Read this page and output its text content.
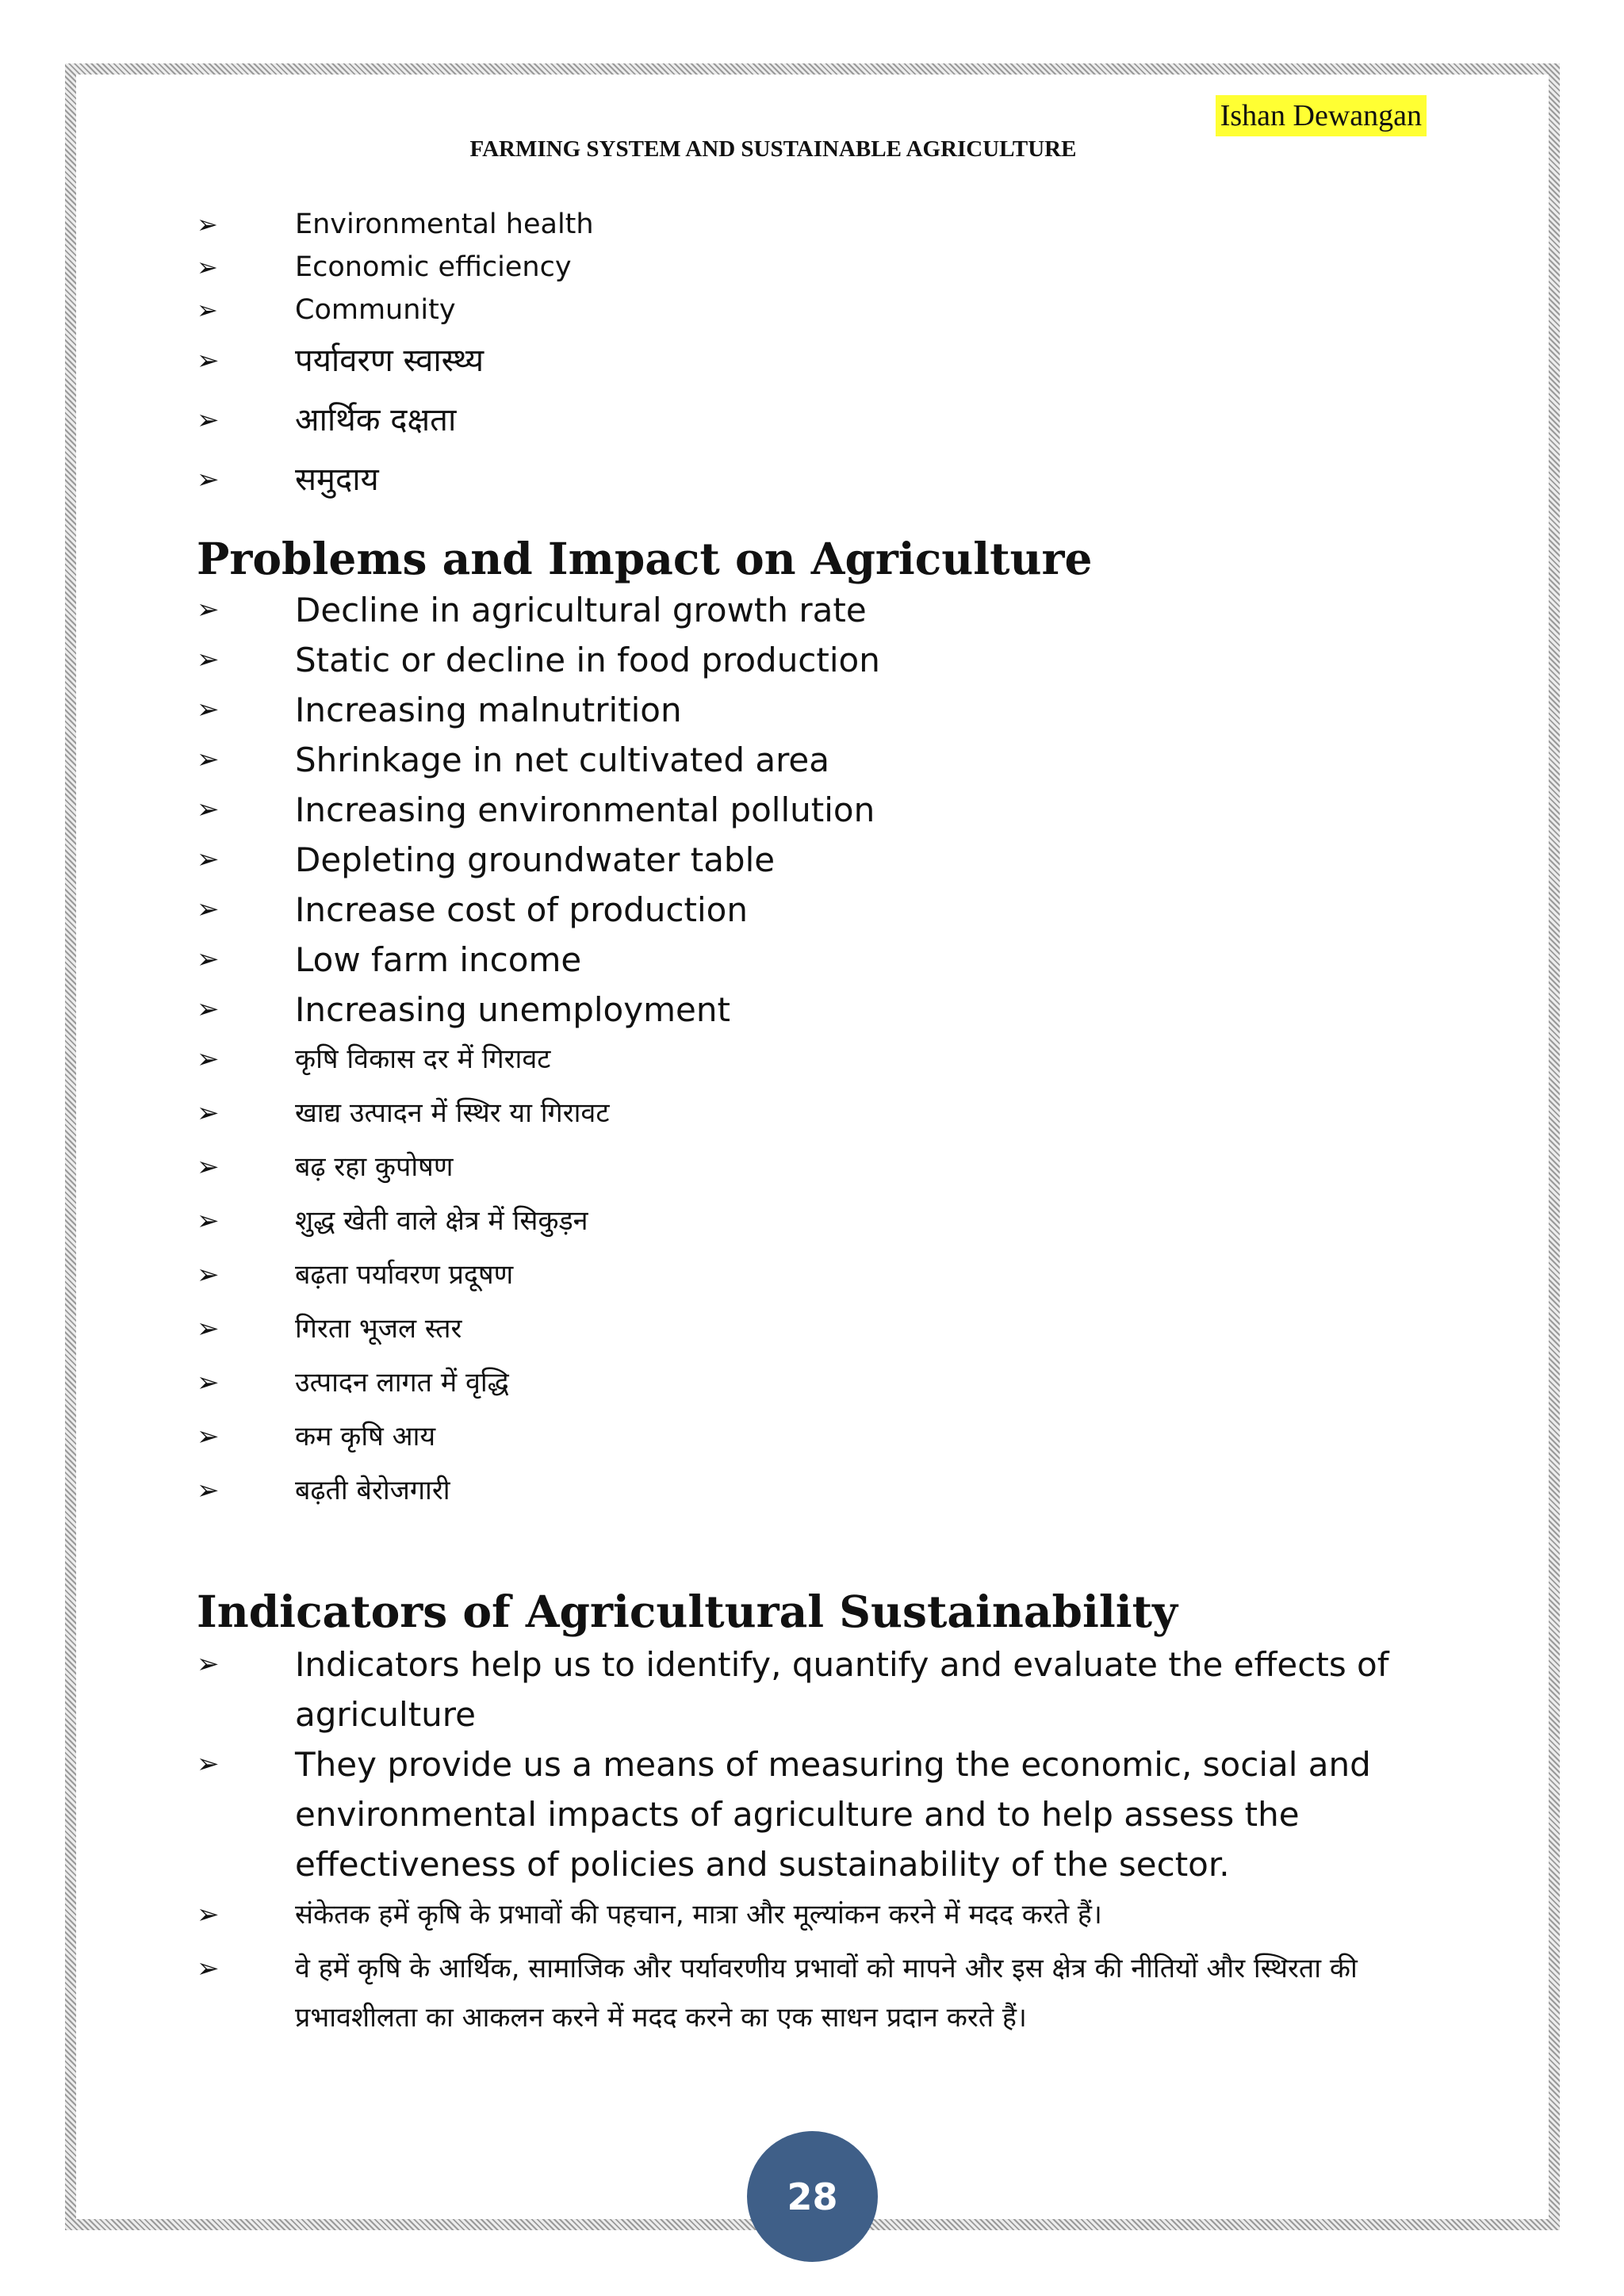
Ishan Dewangan
FARMING SYSTEM AND SUSTAINABLE AGRICULTURE
➢	Environmental health
➢	Economic efficiency
➢	Community
➢ पर्यावरण स्वास्थ्य
➢ आर्थिक दक्षता
➢ समुदाय
Problems and Impact on Agriculture
➢ Decline in agricultural growth rate
➢ Static or decline in food production
➢ Increasing malnutrition
➢ Shrinkage in net cultivated area
➢ Increasing environmental pollution
➢ Depleting groundwater table
➢ Increase cost of production
➢ Low farm income
➢ Increasing unemployment
➢	कृषि विकास दर में गिरावट
➢	खाद्य उत्पादन में स्थिर या गिरावट
➢	बढ़ रहा कुपोषण
➢	शुद्ध खेती वाले क्षेत्र में सिकुड़न
➢	बढ़ता पर्यावरण प्रदूषण
➢	गिरता भूजल स्तर
➢	उत्पादन लागत में वृद्धि
➢	कम कृषि आय
➢	बढ़ती बेरोजगारी
Indicators of Agricultural Sustainability
➢ Indicators help us to identify, quantify and evaluate the effects of agriculture
➢ They provide us a means of measuring the economic, social and environmental impacts of agriculture and to help assess the effectiveness of policies and sustainability of the sector.
➢	संकेतक हमें कृषि के प्रभावों की पहचान, मात्रा और मूल्यांकन करने में मदद करते हैं।
➢	वे हमें कृषि के आर्थिक, सामाजिक और पर्यावरणीय प्रभावों को मापने और इस क्षेत्र की नीतियों और स्थिरता की प्रभावशीलता का आकलन करने में मदद करने का एक साधन प्रदान करते हैं।
28
